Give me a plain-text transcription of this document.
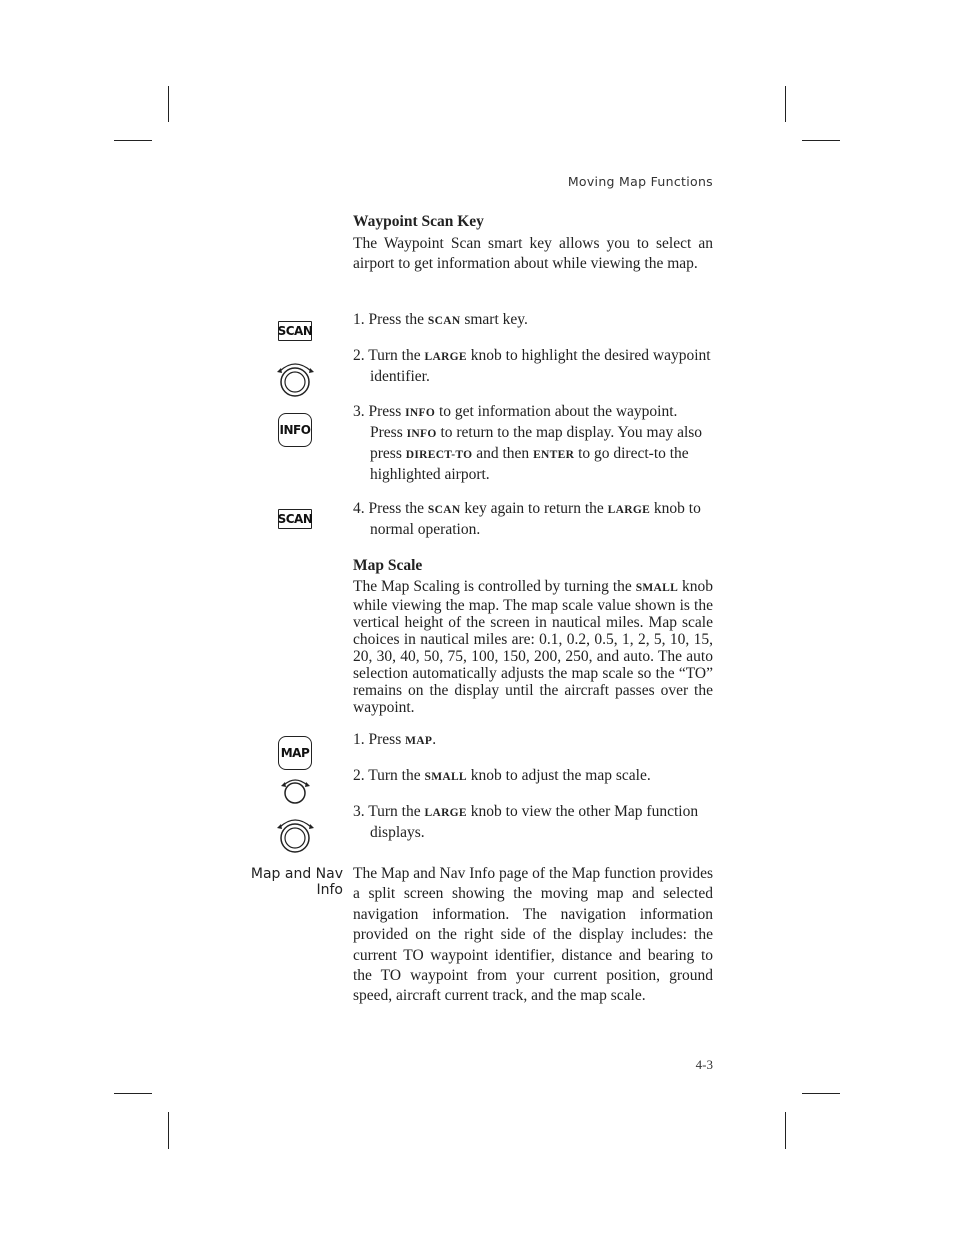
Moving Map Functions
Waypoint Scan Key
The Waypoint Scan smart key allows you to select an airport to get information about while viewing the map.
SCAN
1. Press the SCAN smart key.
2. Turn the LARGE knob to highlight the desired waypoint identifier.
INFO
3. Press INFO to get information about the waypoint. Press INFO to return to the map display. You may also press DIRECT-TO and then ENTER to go direct-to the highlighted airport.
SCAN
4. Press the SCAN key again to return the LARGE knob to normal operation.
Map Scale
The Map Scaling is controlled by turning the SMALL knob while viewing the map. The map scale value shown is the vertical height of the screen in nautical miles. Map scale choices in nautical miles are: 0.1, 0.2, 0.5, 1, 2, 5, 10, 15, 20, 30, 40, 50, 75, 100, 150, 200, 250, and auto. The auto selection automatically adjusts the map scale so the “TO” remains on the display until the aircraft passes over the waypoint.
MAP
1. Press MAP.
2. Turn the SMALL knob to adjust the map scale.
3. Turn the LARGE knob to view the other Map function displays.
Map and Nav Info
The Map and Nav Info page of the Map function provides a split screen showing the moving map and selected navigation information. The navigation information provided on the right side of the display includes: the current TO waypoint identifier, distance and bearing to the TO waypoint from your current position, ground speed, aircraft current track, and the map scale.
4-3
